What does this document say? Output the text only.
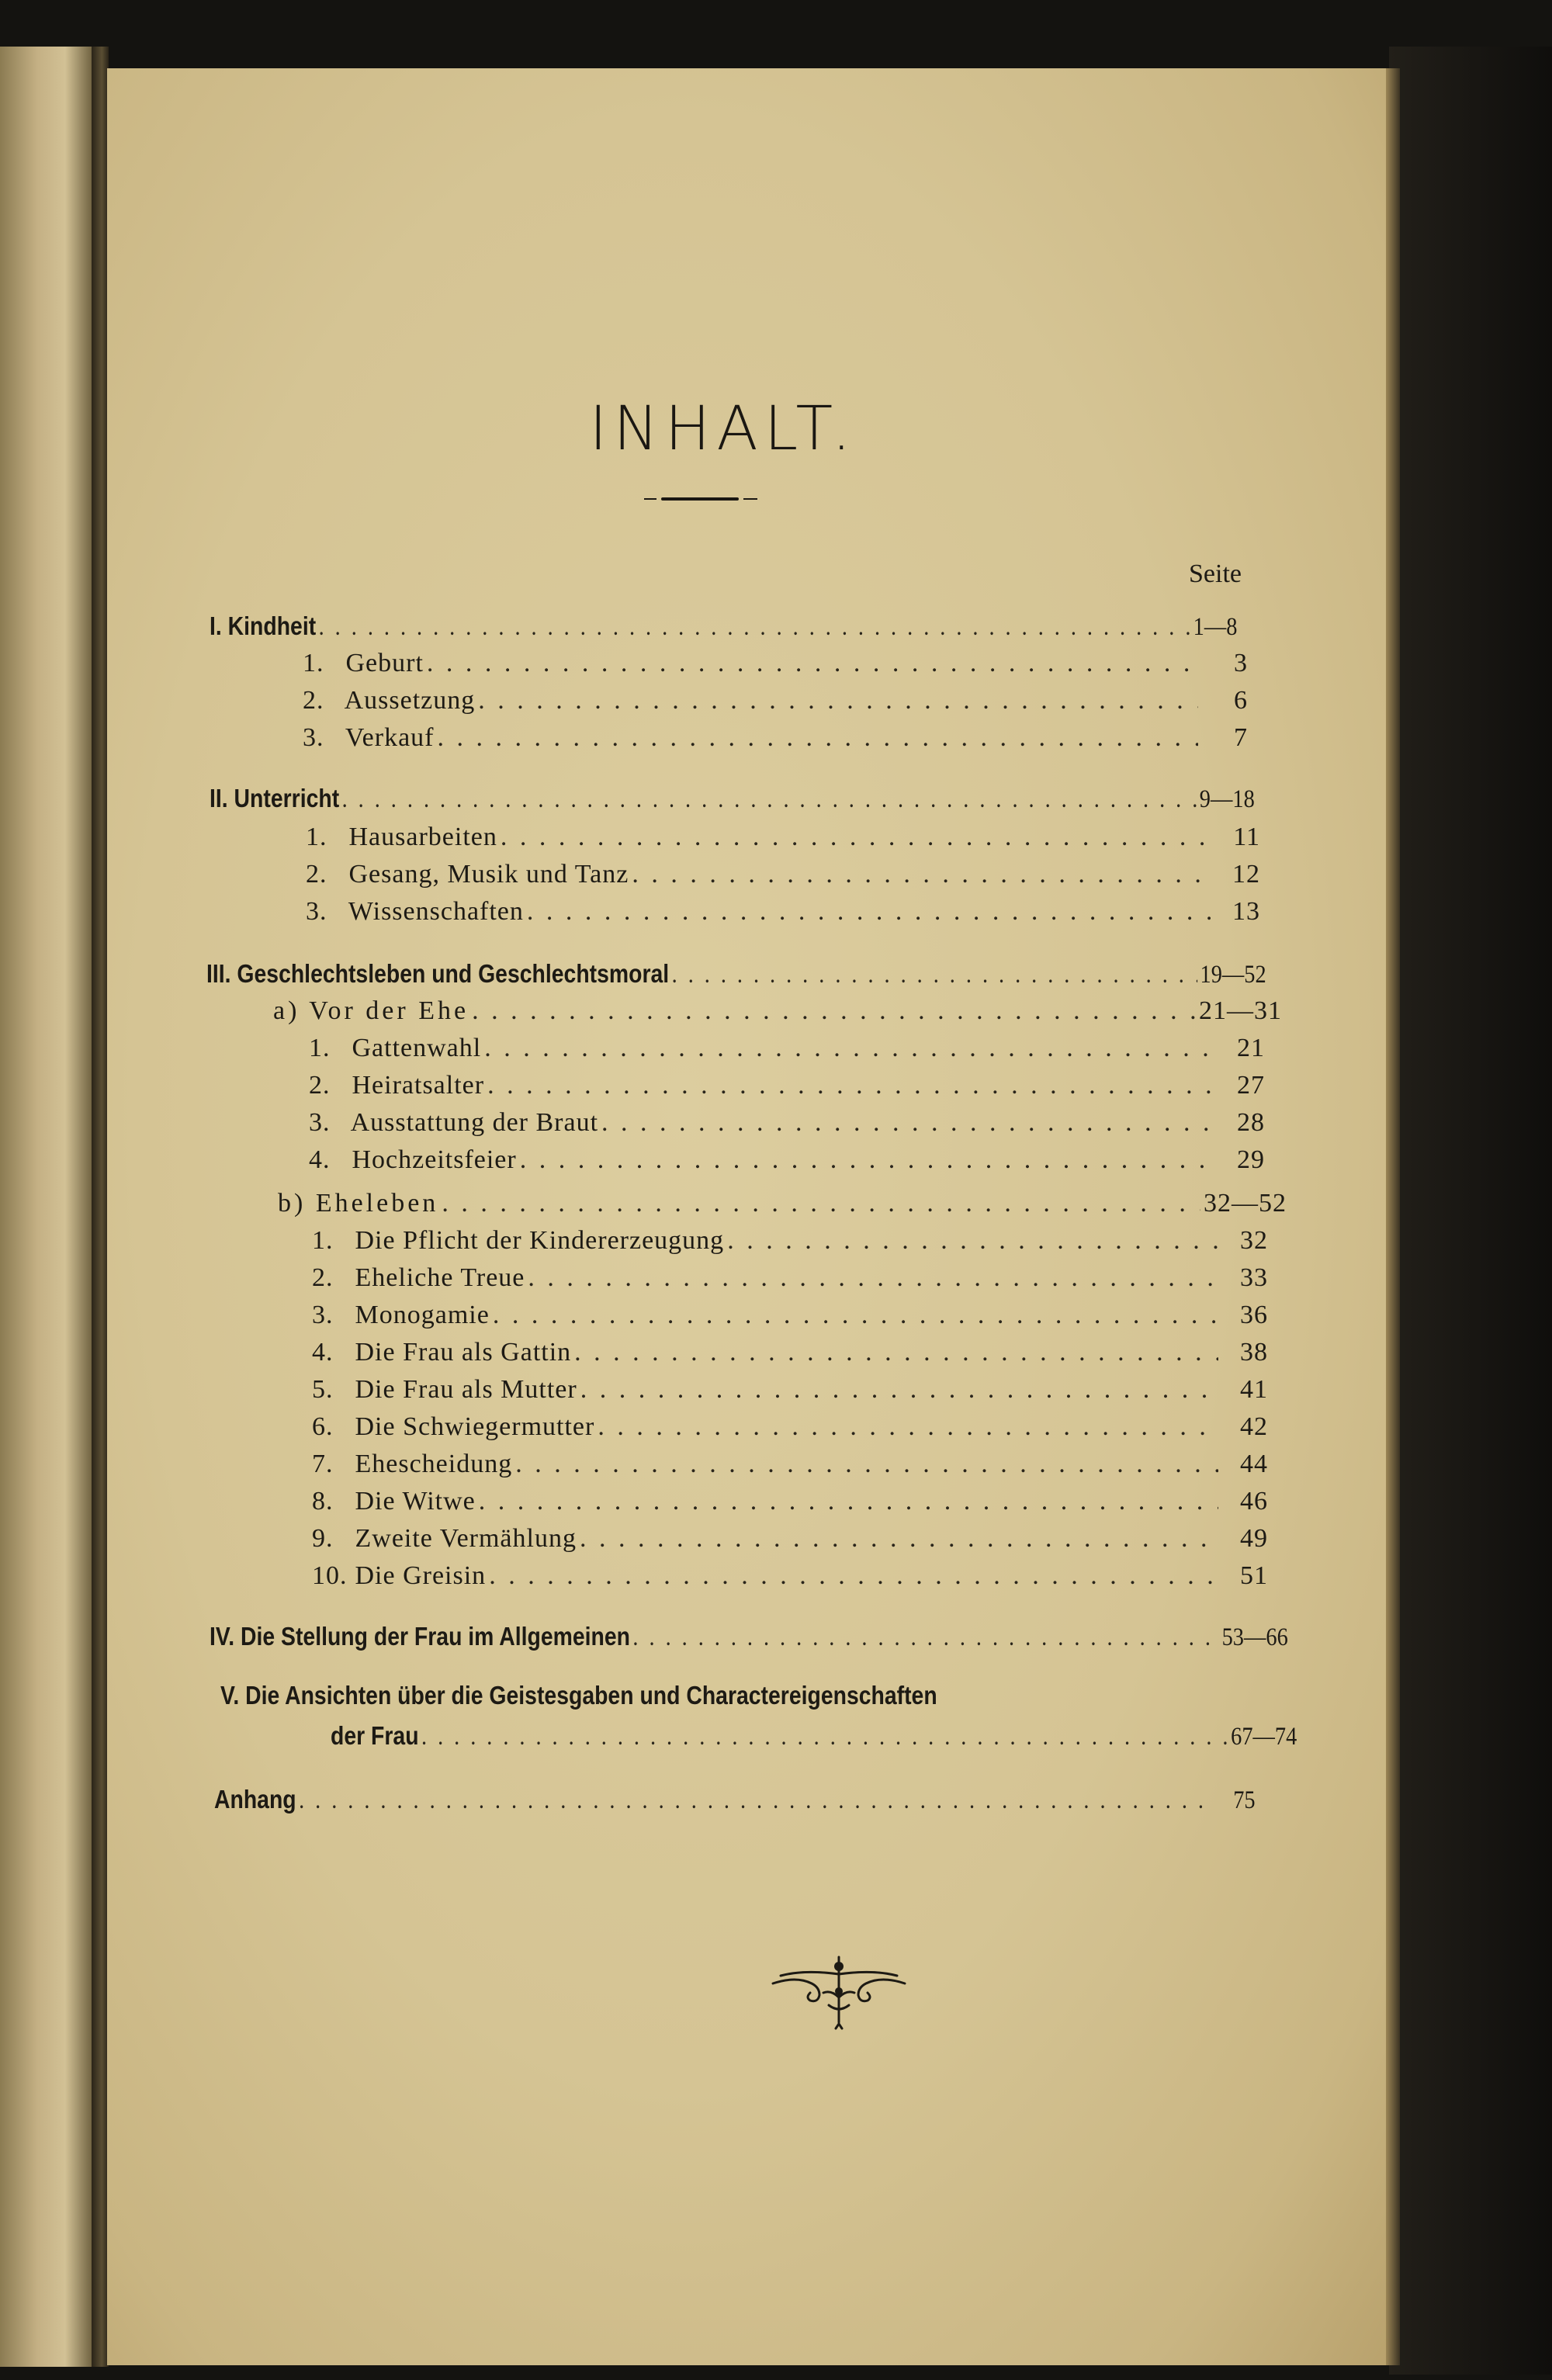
INHALT.
Seite
I. Kindheit . . .	1—8
1. Geburt . . .	3
2. Aussetzung . . .	6
3. Verkauf . . .	7
II. Unterricht . . .	9—18
1. Hausarbeiten . . .	11
2. Gesang, Musik und Tanz . . .	12
3. Wissenschaften . . .	13
III. Geschlechtsleben und Geschlechtsmoral . . .	19—52
a) Vor der Ehe . . .	21—31
1. Gattenwahl . . .	21
2. Heiratsalter . . .	27
3. Ausstattung der Braut . . .	28
4. Hochzeitsfeier . . .	29
b) Eheleben . . .	32—52
1. Die Pflicht der Kindererzeugung . . .	32
2. Eheliche Treue . . .	33
3. Monogamie . . .	36
4. Die Frau als Gattin . . .	38
5. Die Frau als Mutter . . .	41
6. Die Schwiegermutter . . .	42
7. Ehescheidung . . .	44
8. Die Witwe . . .	46
9. Zweite Vermählung . . .	49
10. Die Greisin . . .	51
IV. Die Stellung der Frau im Allgemeinen . . .	53—66
V. Die Ansichten über die Geistesgaben und Charactereigenschaften
der Frau . . .	67—74
Anhang . . .	75
